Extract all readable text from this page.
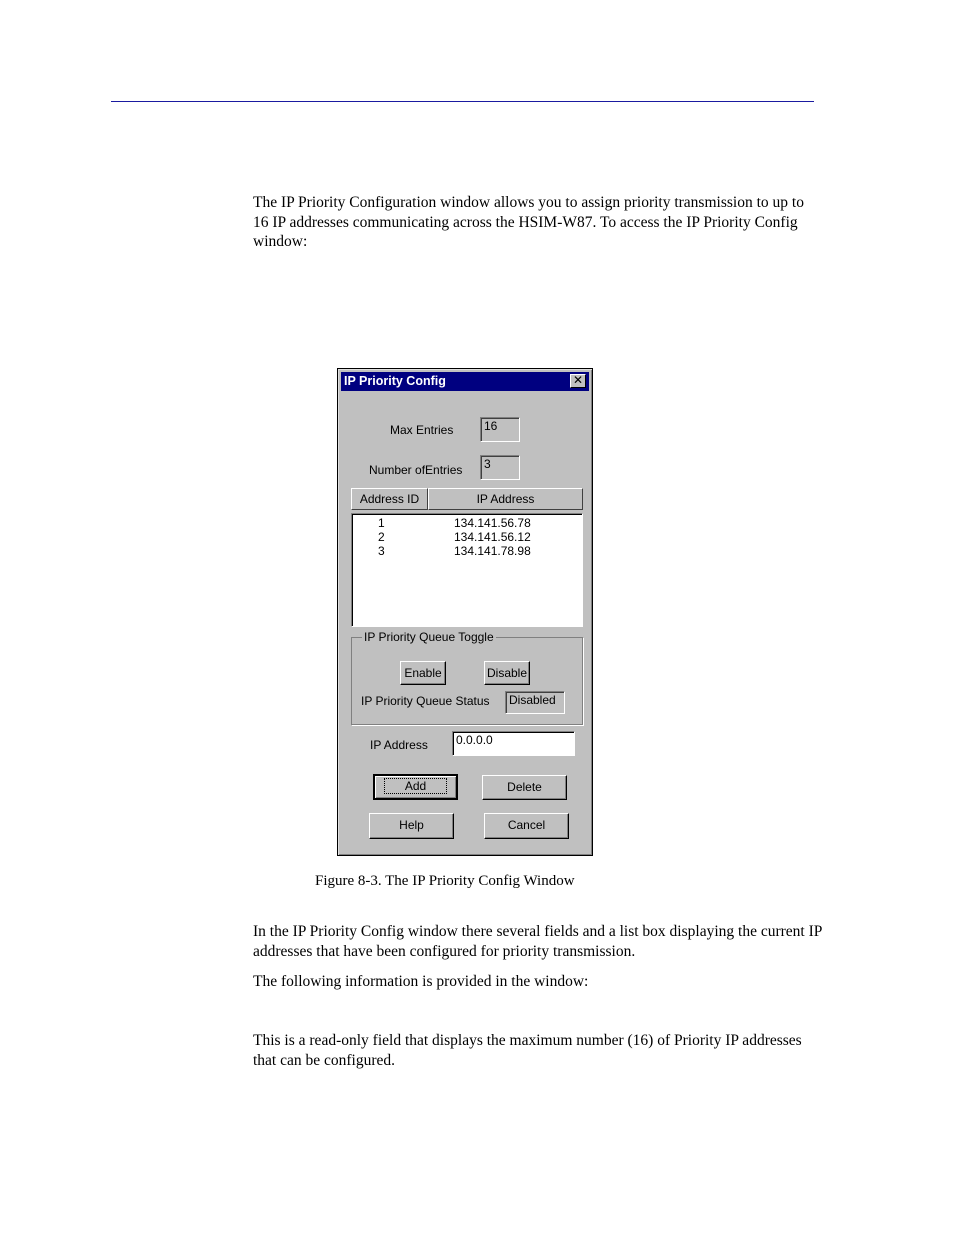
The IP Priority Configuration window allows you to assign priority transmission to up to 16 IP addresses communicating across the HSIM-W87. To access the IP Priority Config window:

IP Priority Config	✕
Max Entries	16
Number ofEntries	3
Address ID	IP Address
1	134.141.56.78
2	134.141.56.12
3	134.141.78.98
IP Priority Queue Toggle
Enable	Disable
IP Priority Queue Status	Disabled
IP Address	0.0.0.0
Add	Delete
Help	Cancel
Figure 8-3. The IP Priority Config Window

In the IP Priority Config window there several fields and a list box displaying the current IP addresses that have been configured for priority transmission.

The following information is provided in the window:

This is a read-only field that displays the maximum number (16) of Priority IP addresses that can be configured.
